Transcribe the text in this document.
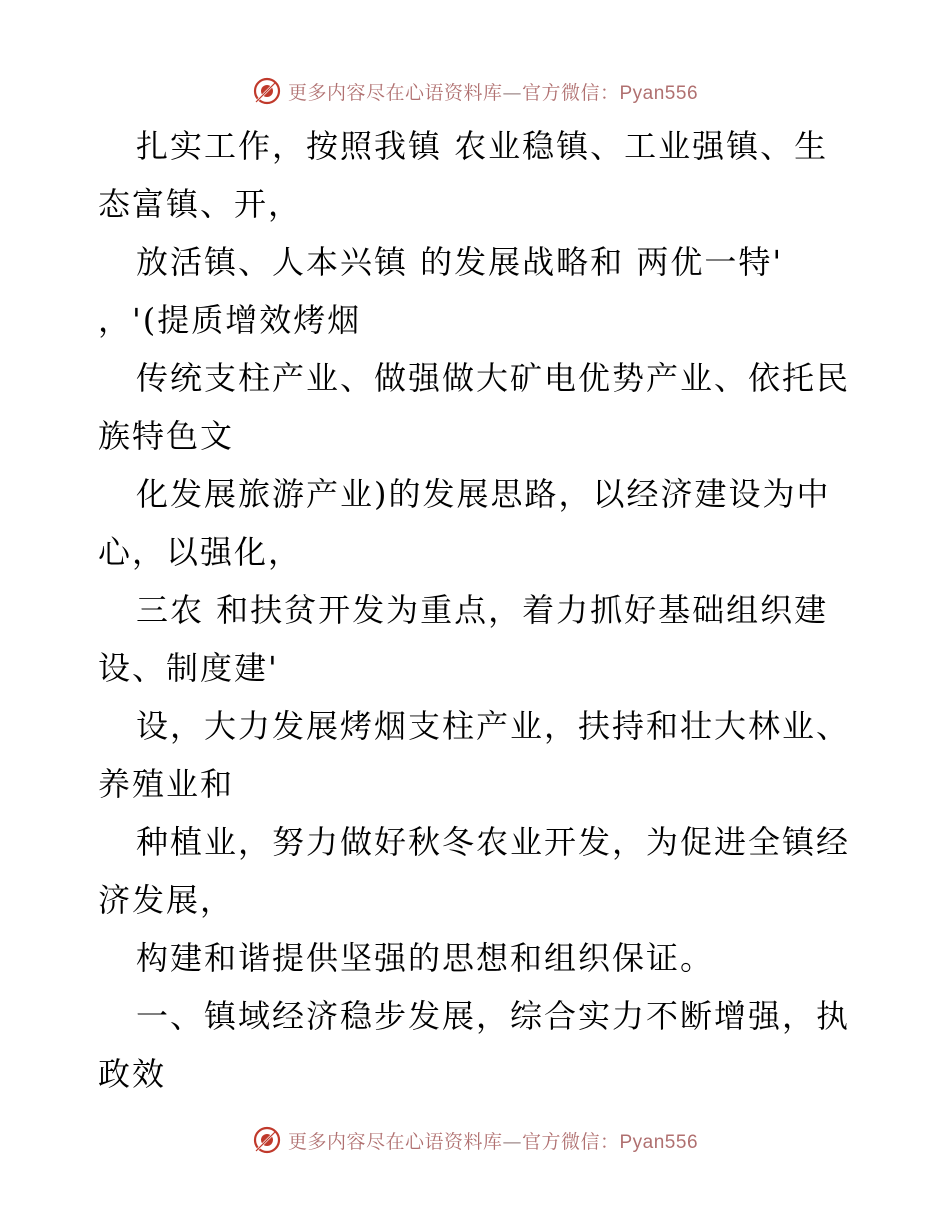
更多内容尽在心语资料库—官方微信：Pyan556
扎实工作，按照我镇 农业稳镇、工业强镇、生
态富镇、开，
放活镇、人本兴镇 的发展战略和 两优一特'
，'(提质增效烤烟
传统支柱产业、做强做大矿电优势产业、依托民
族特色文
化发展旅游产业)的发展思路，以经济建设为中
心，以强化，
三农 和扶贫开发为重点，着力抓好基础组织建
设、制度建'
设，大力发展烤烟支柱产业，扶持和壮大林业、
养殖业和
种植业，努力做好秋冬农业开发，为促进全镇经
济发展，
构建和谐提供坚强的思想和组织保证。
一、镇域经济稳步发展，综合实力不断增强，执
政效
更多内容尽在心语资料库—官方微信：Pyan556
